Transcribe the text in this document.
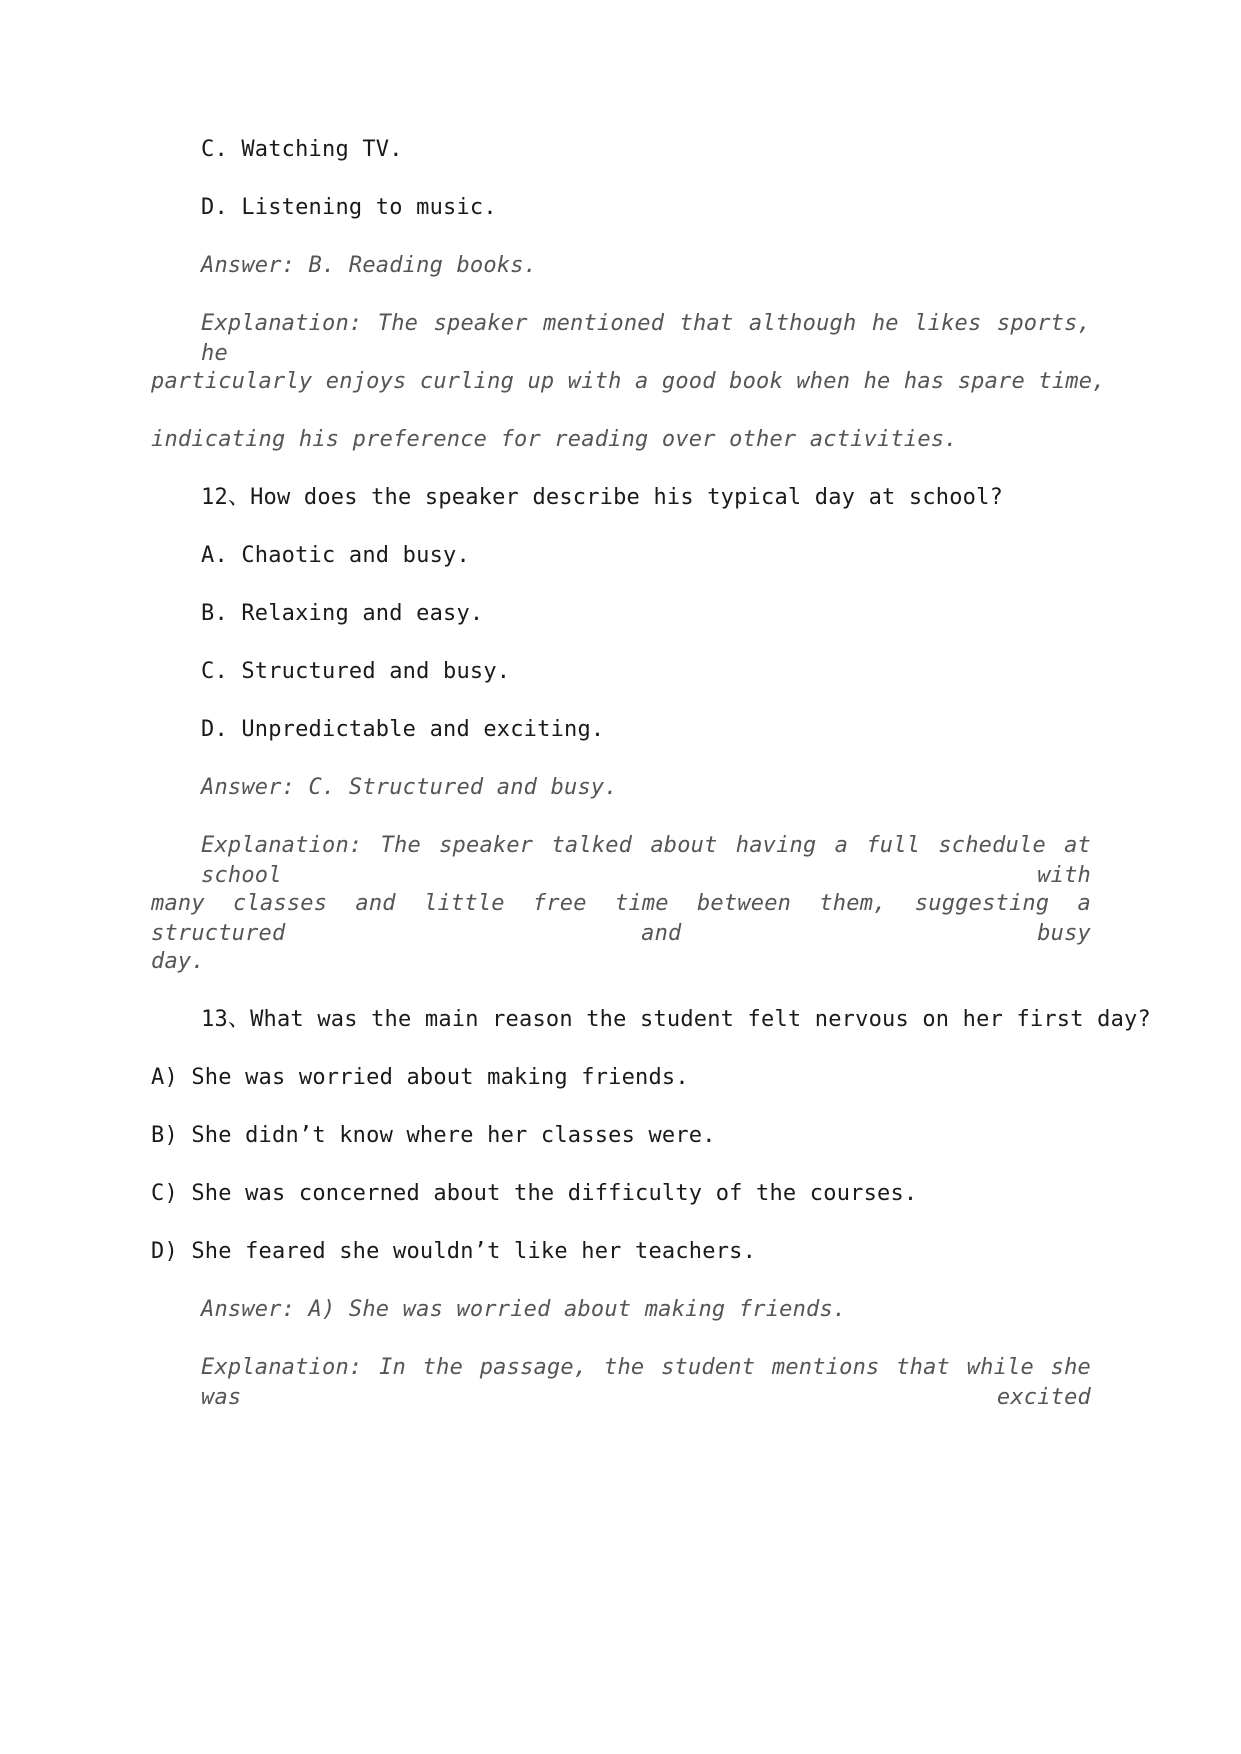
C. Watching TV.
D. Listening to music.
Answer: B. Reading books.
Explanation: The speaker mentioned that although he likes sports, he
particularly enjoys curling up with a good book when he has spare time,
indicating his preference for reading over other activities.
12、How does the speaker describe his typical day at school?
A. Chaotic and busy.
B. Relaxing and easy.
C. Structured and busy.
D. Unpredictable and exciting.
Answer: C. Structured and busy.
Explanation: The speaker talked about having a full schedule at school with
many classes and little free time between them, suggesting a structured and busy
day.
13、What was the main reason the student felt nervous on her first day?
A) She was worried about making friends.
B) She didn’t know where her classes were.
C) She was concerned about the difficulty of the courses.
D) She feared she wouldn’t like her teachers.
Answer: A) She was worried about making friends.
Explanation: In the passage, the student mentions that while she was excited
